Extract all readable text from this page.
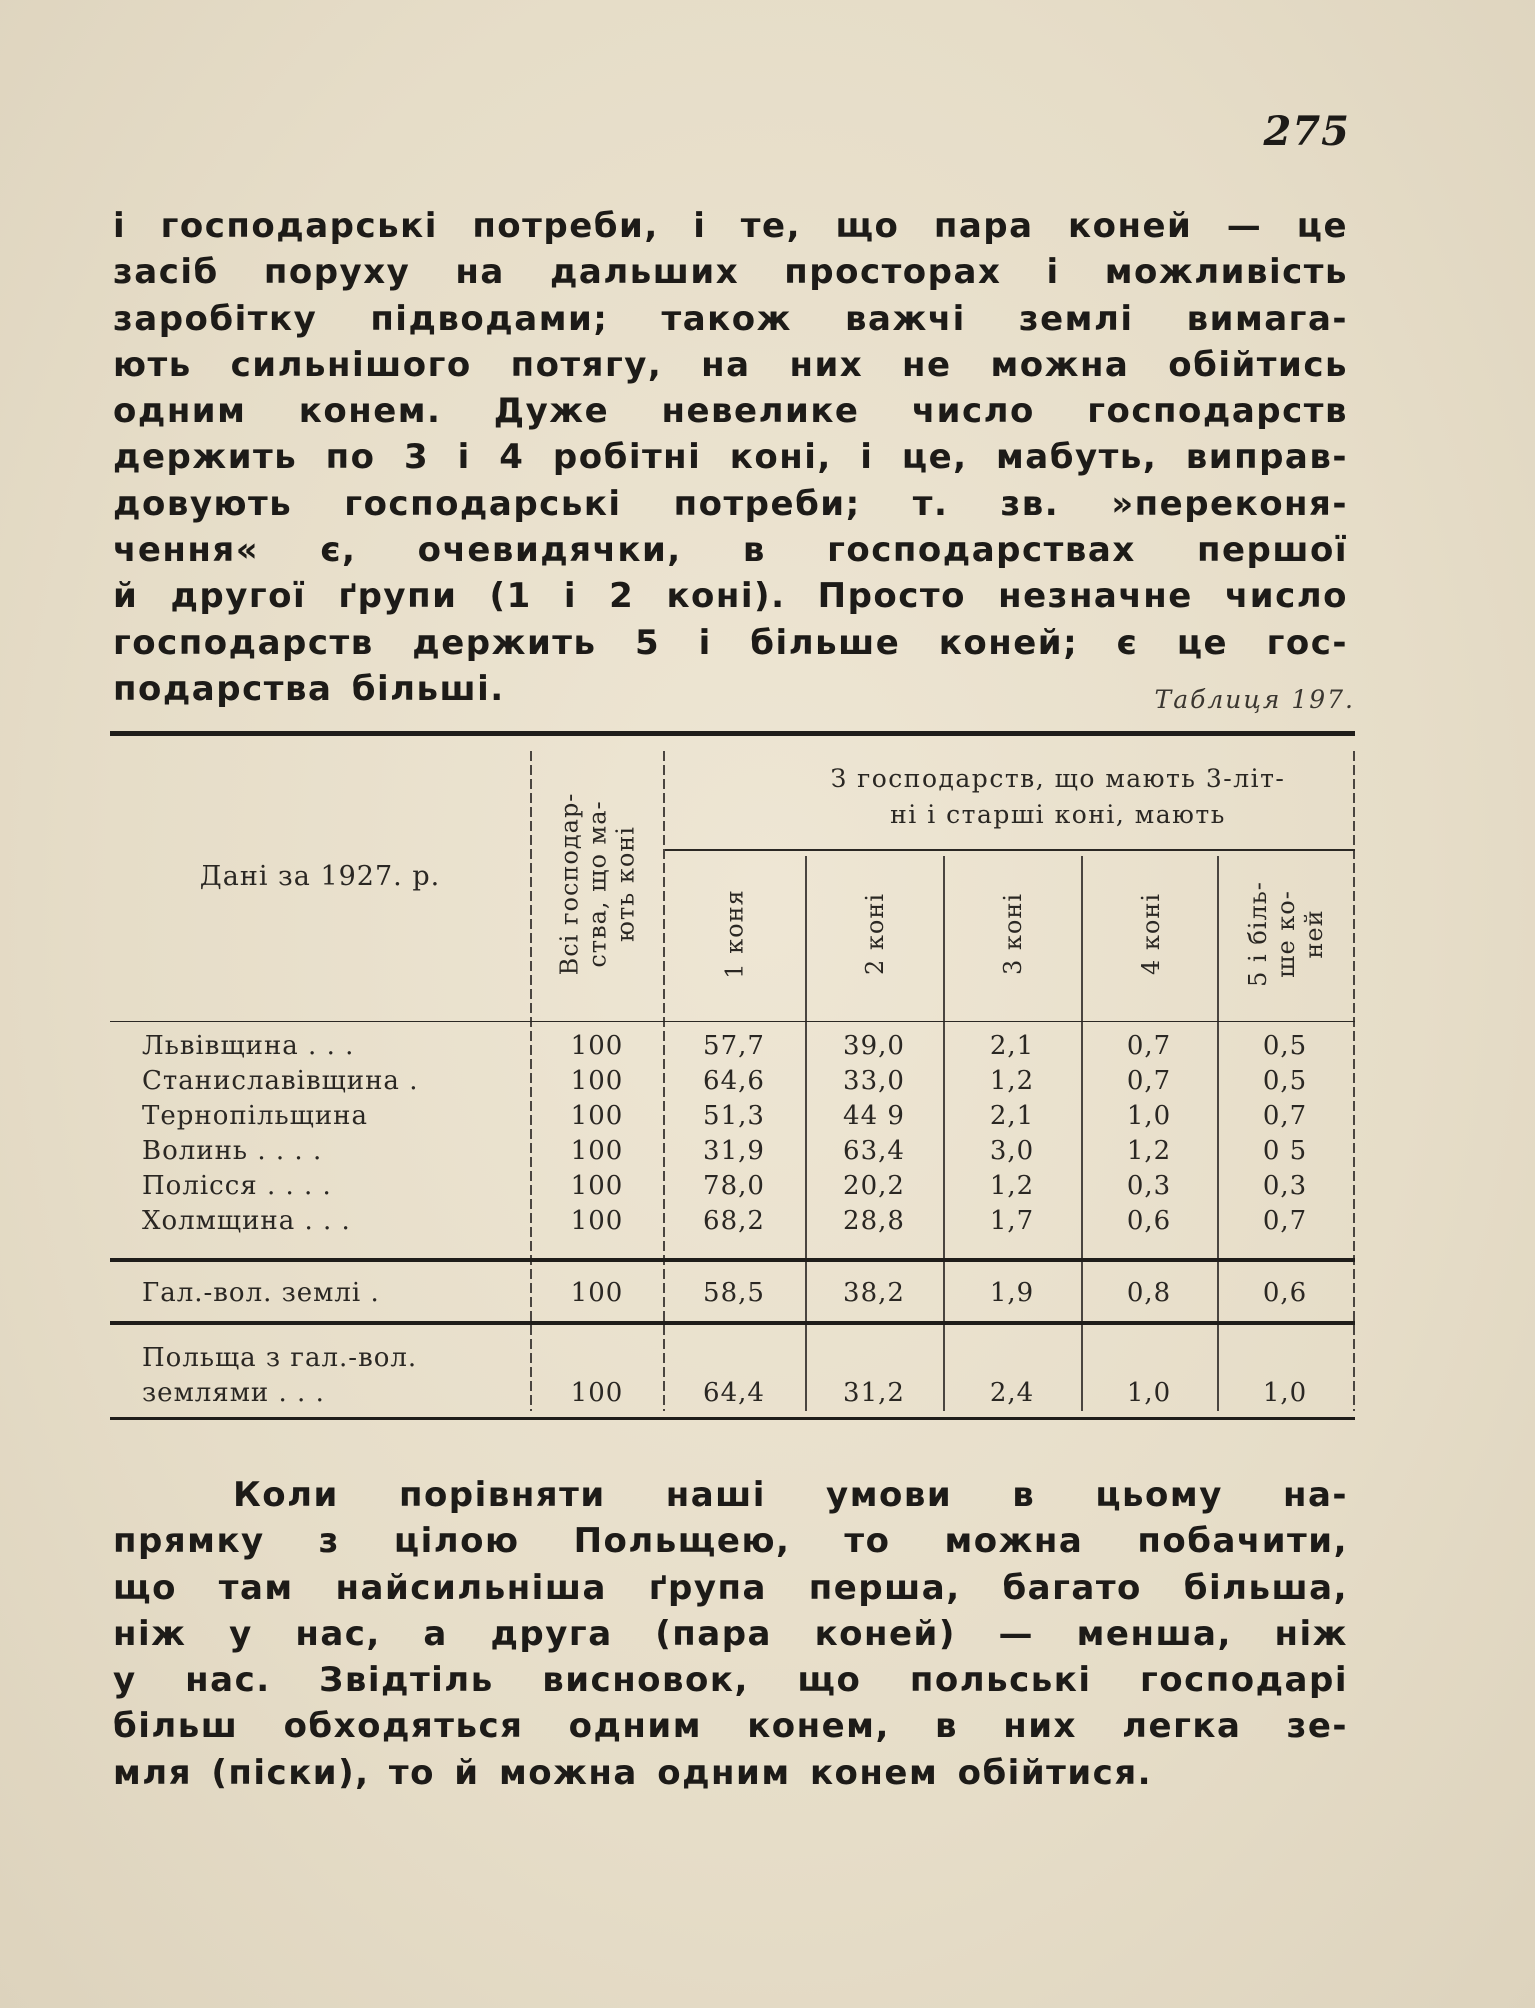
275
і господарські потреби, і те, що пара коней — це
засіб поруху на дальших просторах і можливість
заробітку підводами; також важчі землі вимага-
ють сильнішого потягу, на них не можна обійтись
одним конем. Дуже невелике число господарств
держить по 3 і 4 робітні коні, і це, мабуть, виправ-
довують господарські потреби; т. зв. »переконя-
чення« є, очевидячки, в господарствах першої
й другої ґрупи (1 і 2 коні). Просто незначне число
господарств держить 5 і більше коней; є це гос-
подарства більші.	Таблиця 197.
Дані за 1927. р.	Всі господар- ства, що ма- ють коні
З господарств, що мають 3-літ-
ні і старші коні, мають
1 коня	2 коні	3 коні	4 коні	5 і біль- ше ко- ней
Львівщина . . .	100	57,7	39,0	2,1	0,7	0,5
Станиславівщина .	100	64,6	33,0	1,2	0,7	0,5
Тернопільщина	100	51,3	44 9	2,1	1,0	0,7
Волинь . . . .	100	31,9	63,4	3,0	1,2	0 5
Полісся . . . .	100	78,0	20,2	1,2	0,3	0,3
Холмщина . . .	100	68,2	28,8	1,7	0,6	0,7
Гал.-вол. землі .	100	58,5	38,2	1,9	0,8	0,6
Польща з гал.-вол.
землями . . .	100	64,4	31,2	2,4	1,0	1,0
Коли порівняти наші умови в цьому на-
прямку з цілою Польщею, то можна побачити,
що там найсильніша ґрупа перша, багато більша,
ніж у нас, а друга (пара коней) — менша, ніж
у нас. Звідтіль висновок, що польські господарі
більш обходяться одним конем, в них легка зе-
мля (піски), то й можна одним конем обійтися.
